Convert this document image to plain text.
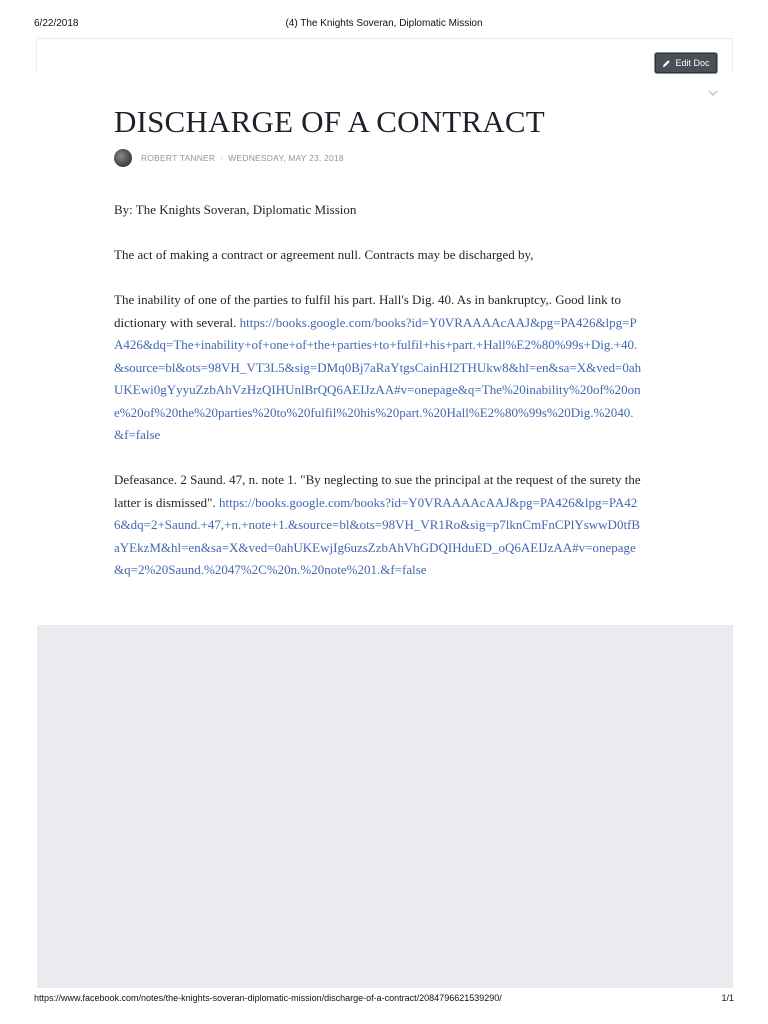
6/22/2018	(4) The Knights Soveran, Diplomatic Mission
Edit Doc
DISCHARGE OF A CONTRACT
ROBERT TANNER · WEDNESDAY, MAY 23, 2018

By: The Knights Soveran, Diplomatic Mission

The act of making a contract or agreement null. Contracts may be discharged by,

The inability of one of the parties to fulfil his part. Hall's Dig. 40. As in bankruptcy,. Good link to dictionary with several. https://books.google.com/books?id=Y0VRAAAAcAAJ&pg=PA426&lpg=PA426&dq=The+inability+of+one+of+the+parties+to+fulfil+his+part.+Hall%E2%80%99s+Dig.+40.&source=bl&ots=98VH_VT3L5&sig=DMq0Bj7aRaYtgsCainHI2THUkw8&hl=en&sa=X&ved=0ahUKEwi0gYyyuZzbAhVzHzQIHUnlBrQQ6AEIJzAA#v=onepage&q=The%20inability%20of%20one%20of%20the%20parties%20to%20fulfil%20his%20part.%20Hall%E2%80%99s%20Dig.%2040.&f=false

Defeasance. 2 Saund. 47, n. note 1. "By neglecting to sue the principal at the request of the surety the latter is dismissed". https://books.google.com/books?id=Y0VRAAAAcAAJ&pg=PA426&lpg=PA426&dq=2+Saund.+47,+n.+note+1.&source=bl&ots=98VH_VR1Ro&sig=p7lknCmFnCPlYswwD0tfBaYEkzM&hl=en&sa=X&ved=0ahUKEwjIg6uzsZzbAhVhGDQIHduED_oQ6AEIJzAA#v=onepage&q=2%20Saund.%2047%2C%20n.%20note%201.&f=false

https://www.facebook.com/notes/the-knights-soveran-diplomatic-mission/discharge-of-a-contract/2084796621539290/	1/1
